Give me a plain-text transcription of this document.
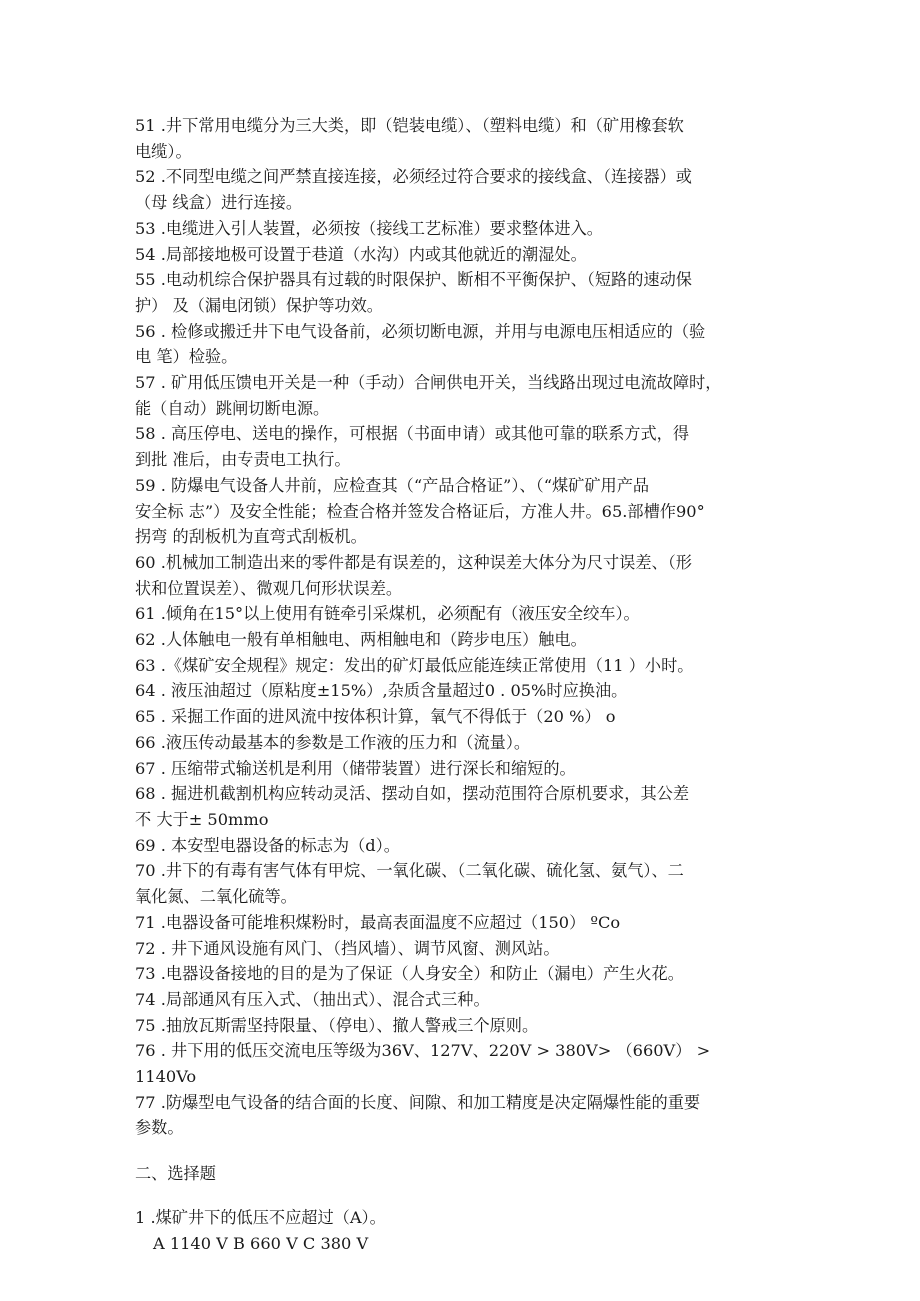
51 .井下常用电缆分为三大类，即（铠装电缆）、（塑料电缆）和（矿用橡套软
电缆）。
52 .不同型电缆之间严禁直接连接，必须经过符合要求的接线盒、（连接器）或
（母 线盒）进行连接。
53 .电缆进入引人装置，必须按（接线工艺标准）要求整体进入。
54 .局部接地极可设置于巷道（水沟）内或其他就近的潮湿处。
55 .电动机综合保护器具有过载的时限保护、断相不平衡保护、（短路的速动保
护） 及（漏电闭锁）保护等功效。
56 . 检修或搬迁井下电气设备前，必须切断电源，并用与电源电压相适应的（验
电 笔）检验。
57 . 矿用低压馈电开关是一种（手动）合闸供电开关，当线路出现过电流故障时，
能（自动）跳闸切断电源。
58 . 高压停电、送电的操作，可根据（书面申请）或其他可靠的联系方式，得
到批 准后，由专责电工执行。
59 . 防爆电气设备人井前，应检查其（“产品合格证”）、（“煤矿矿用产品
安全标 志”）及安全性能；检查合格并签发合格证后，方准人井。65.部槽作90°
拐弯 的刮板机为直弯式刮板机。
60 .机械加工制造出来的零件都是有误差的，这种误差大体分为尺寸误差、（形
状和位置误差）、微观几何形状误差。
61 .倾角在15°以上使用有链牵引采煤机，必须配有（液压安全绞车）。
62 .人体触电一般有单相触电、两相触电和（跨步电压）触电。
63 .《煤矿安全规程》规定：发出的矿灯最低应能连续正常使用（11 ）小时。
64 . 液压油超过（原粘度±15%）,杂质含量超过0 . 05%时应换油。
65 . 采掘工作面的进风流中按体积计算，氧气不得低于（20 %） o
66 .液压传动最基本的参数是工作液的压力和（流量）。
67 . 压缩带式输送机是利用（储带装置）进行深长和缩短的。
68 . 掘进机截割机构应转动灵活、摆动自如，摆动范围符合原机要求，其公差
不 大于± 50mmo
69 . 本安型电器设备的标志为（d）。
70 .井下的有毒有害气体有甲烷、一氧化碳、（二氧化碳、硫化氢、氨气）、二
氧化氮、二氧化硫等。
71 .电器设备可能堆积煤粉时，最高表面温度不应超过（150） ºCo
72 . 井下通风设施有风门、（挡风墙）、调节风窗、测风站。
73 .电器设备接地的目的是为了保证（人身安全）和防止（漏电）产生火花。
74 .局部通风有压入式、（抽出式）、混合式三种。
75 .抽放瓦斯需坚持限量、（停电）、撤人警戒三个原则。
76 . 井下用的低压交流电压等级为36V、127V、220V > 380V> （660V） >
1140Vo
77 .防爆型电气设备的结合面的长度、间隙、和加工精度是决定隔爆性能的重要
参数。
二、选择题
1 .煤矿井下的低压不应超过（A）。
A 1140 V B 660 V C 380 V
